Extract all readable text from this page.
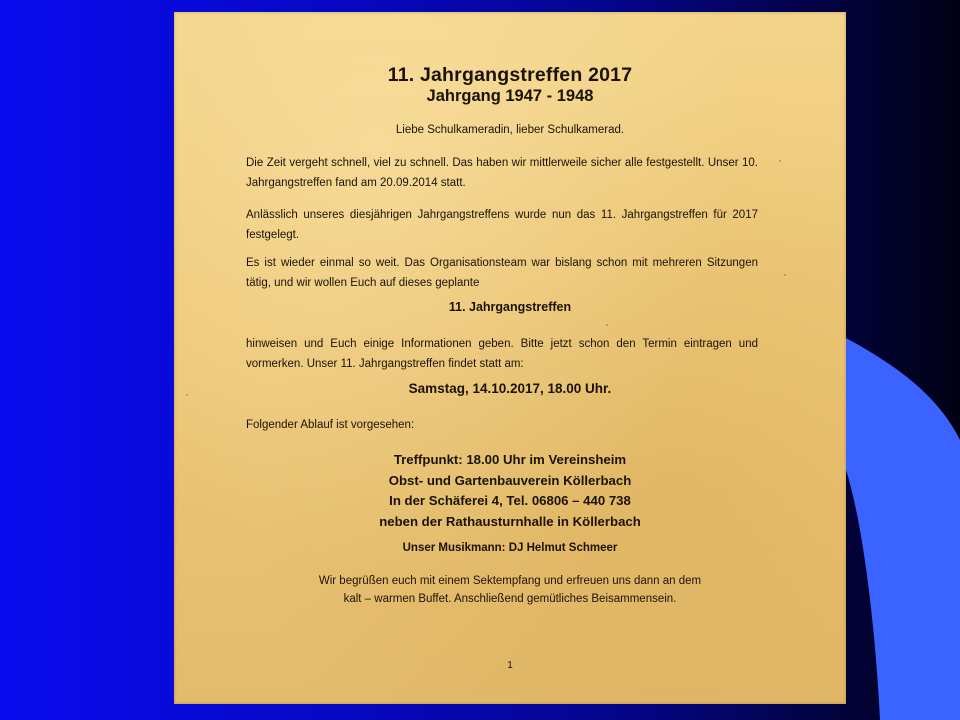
11. Jahrgangstreffen 2017
Jahrgang 1947 - 1948
Liebe Schulkameradin, lieber Schulkamerad.
Die Zeit vergeht schnell, viel zu schnell. Das haben wir mittlerweile sicher alle festgestellt. Unser 10. Jahrgangstreffen fand am 20.09.2014 statt.
Anlässlich unseres diesjährigen Jahrgangstreffens wurde nun das 11. Jahrgangstreffen für 2017 festgelegt.
Es ist wieder einmal so weit. Das Organisationsteam war bislang schon mit mehreren Sitzungen tätig, und wir wollen Euch auf dieses geplante
11. Jahrgangstreffen
hinweisen und Euch einige Informationen geben. Bitte jetzt schon den Termin eintragen und vormerken. Unser 11. Jahrgangstreffen findet statt am:
Samstag, 14.10.2017, 18.00 Uhr.
Folgender Ablauf ist vorgesehen:
Treffpunkt: 18.00 Uhr im Vereinsheim
Obst- und Gartenbauverein Köllerbach
In der Schäferei 4, Tel. 06806 – 440 738
neben der Rathausturnhalle in Köllerbach
Unser Musikmann: DJ Helmut Schmeer
Wir begrüßen euch mit einem Sektempfang und erfreuen uns dann an dem
kalt – warmen Buffet. Anschließend gemütliches Beisammensein.
1
